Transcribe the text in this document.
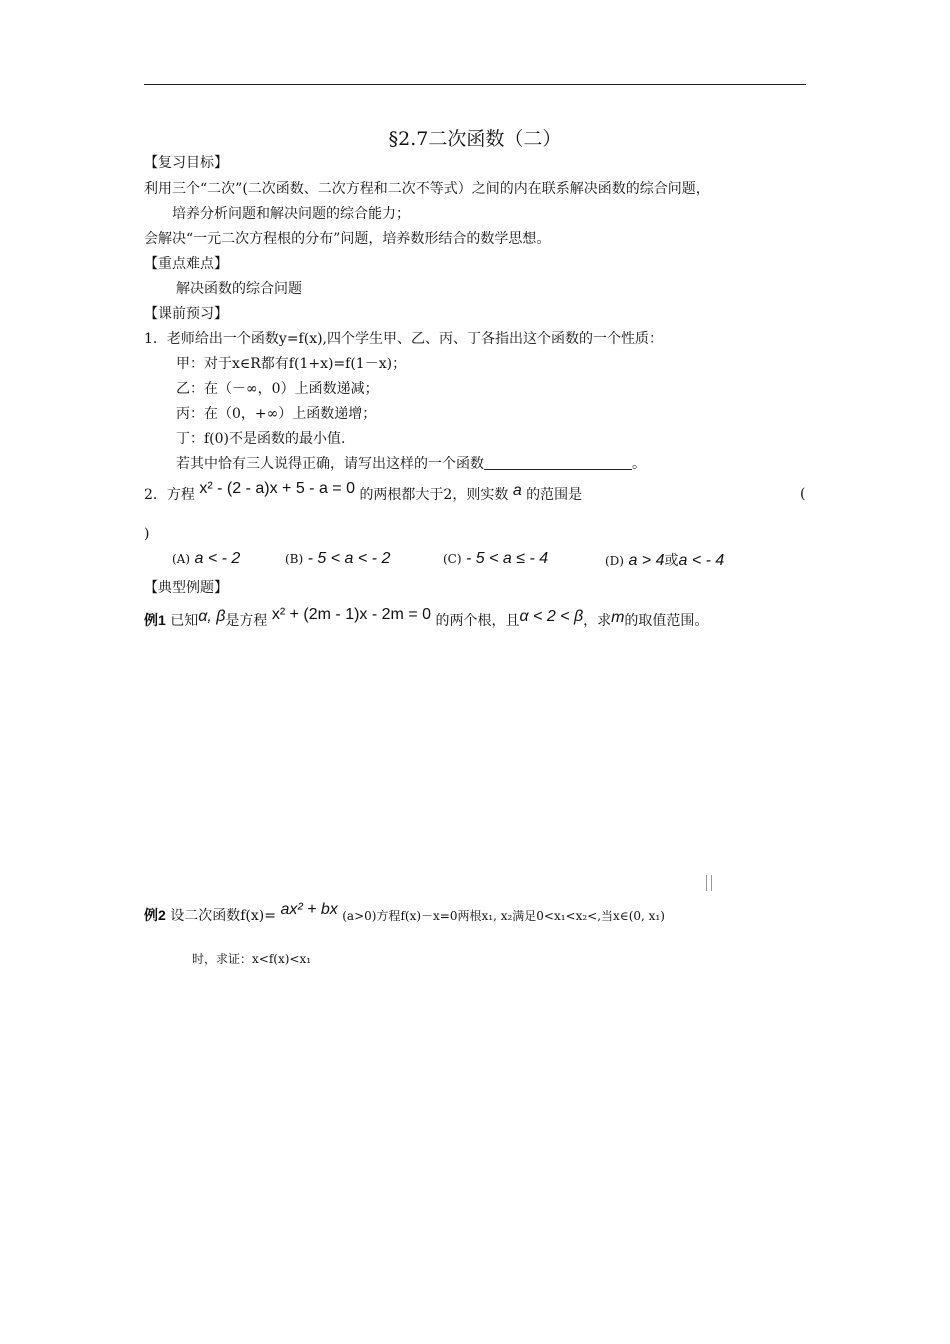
§2.7二次函数（二）
【复习目标】
利用三个“二次”(二次函数、二次方程和二次不等式）之间的内在联系解决函数的综合问题，
培养分析问题和解决问题的综合能力；
会解决“一元二次方程根的分布”问题，培养数形结合的数学思想。
【重点难点】
解决函数的综合问题
【课前预习】
1．老师给出一个函数y=f(x),四个学生甲、乙、丙、丁各指出这个函数的一个性质：
甲：对于x∈R都有f(1+x)=f(1－x)；
乙：在（－∞，0）上函数递减；
丙：在（0，+∞）上函数递增；
丁：f(0)不是函数的最小值.
若其中恰有三人说得正确，请写出这样的一个函数	。
2．方程 x² - (2 - a)x + 5 - a = 0 的两根都大于2，则实数 a 的范围是	(
)
(A) a < - 2	(B) - 5 < a < - 2	(C) - 5 < a ≤ - 4	(D) a > 4或a < - 4
【典型例题】
例1 已知α, β是方程 x² + (2m - 1)x - 2m = 0 的两个根，且α < 2 < β，求m的取值范围。
例2 设二次函数f(x)= ax² + bx (a>0)方程f(x)－x=0两根x₁, x₂满足0<x₁<x₂<,当x∈(0, x₁)
时，求证：x<f(x)<x₁
